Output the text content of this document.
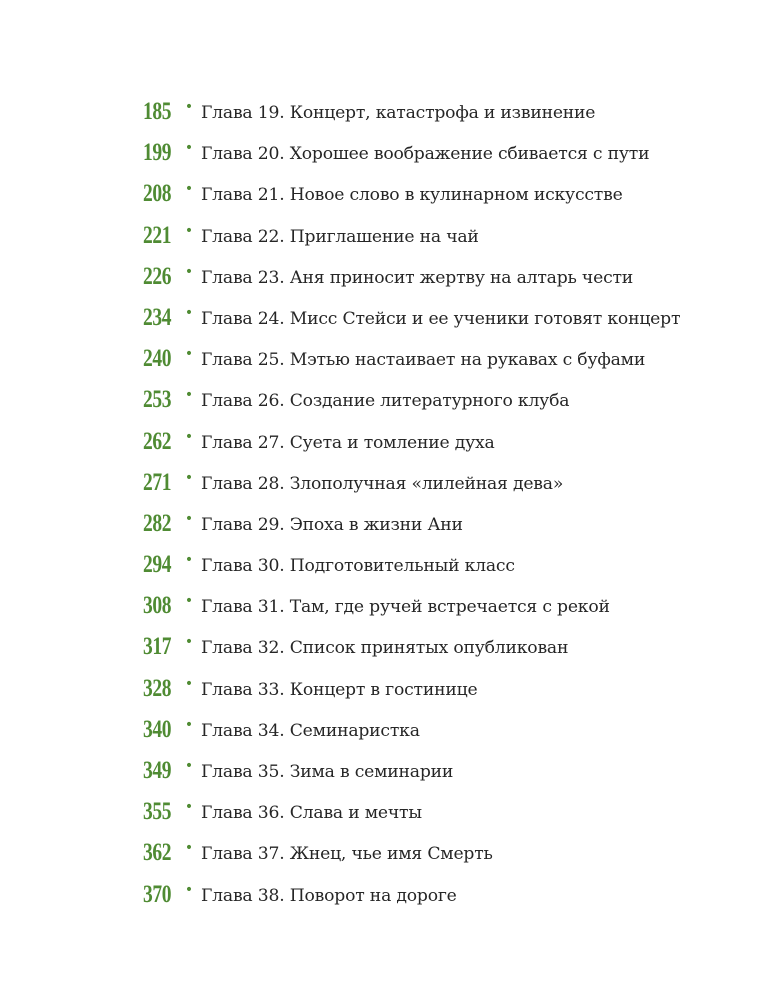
185 • Глава 19. Концерт, катастрофа и извинение
199 • Глава 20. Хорошее воображение сбивается с пути
208 • Глава 21. Новое слово в кулинарном искусстве
221 • Глава 22. Приглашение на чай
226 • Глава 23. Аня приносит жертву на алтарь чести
234 • Глава 24. Мисс Стейси и ее ученики готовят концерт
240 • Глава 25. Мэтью настаивает на рукавах с буфами
253 • Глава 26. Создание литературного клуба
262 • Глава 27. Суета и томление духа
271 • Глава 28. Злополучная «лилейная дева»
282 • Глава 29. Эпоха в жизни Ани
294 • Глава 30. Подготовительный класс
308 • Глава 31. Там, где ручей встречается с рекой
317 • Глава 32. Список принятых опубликован
328 • Глава 33. Концерт в гостинице
340 • Глава 34. Семинаристка
349 • Глава 35. Зима в семинарии
355 • Глава 36. Слава и мечты
362 • Глава 37. Жнец, чье имя Смерть
370 • Глава 38. Поворот на дороге
